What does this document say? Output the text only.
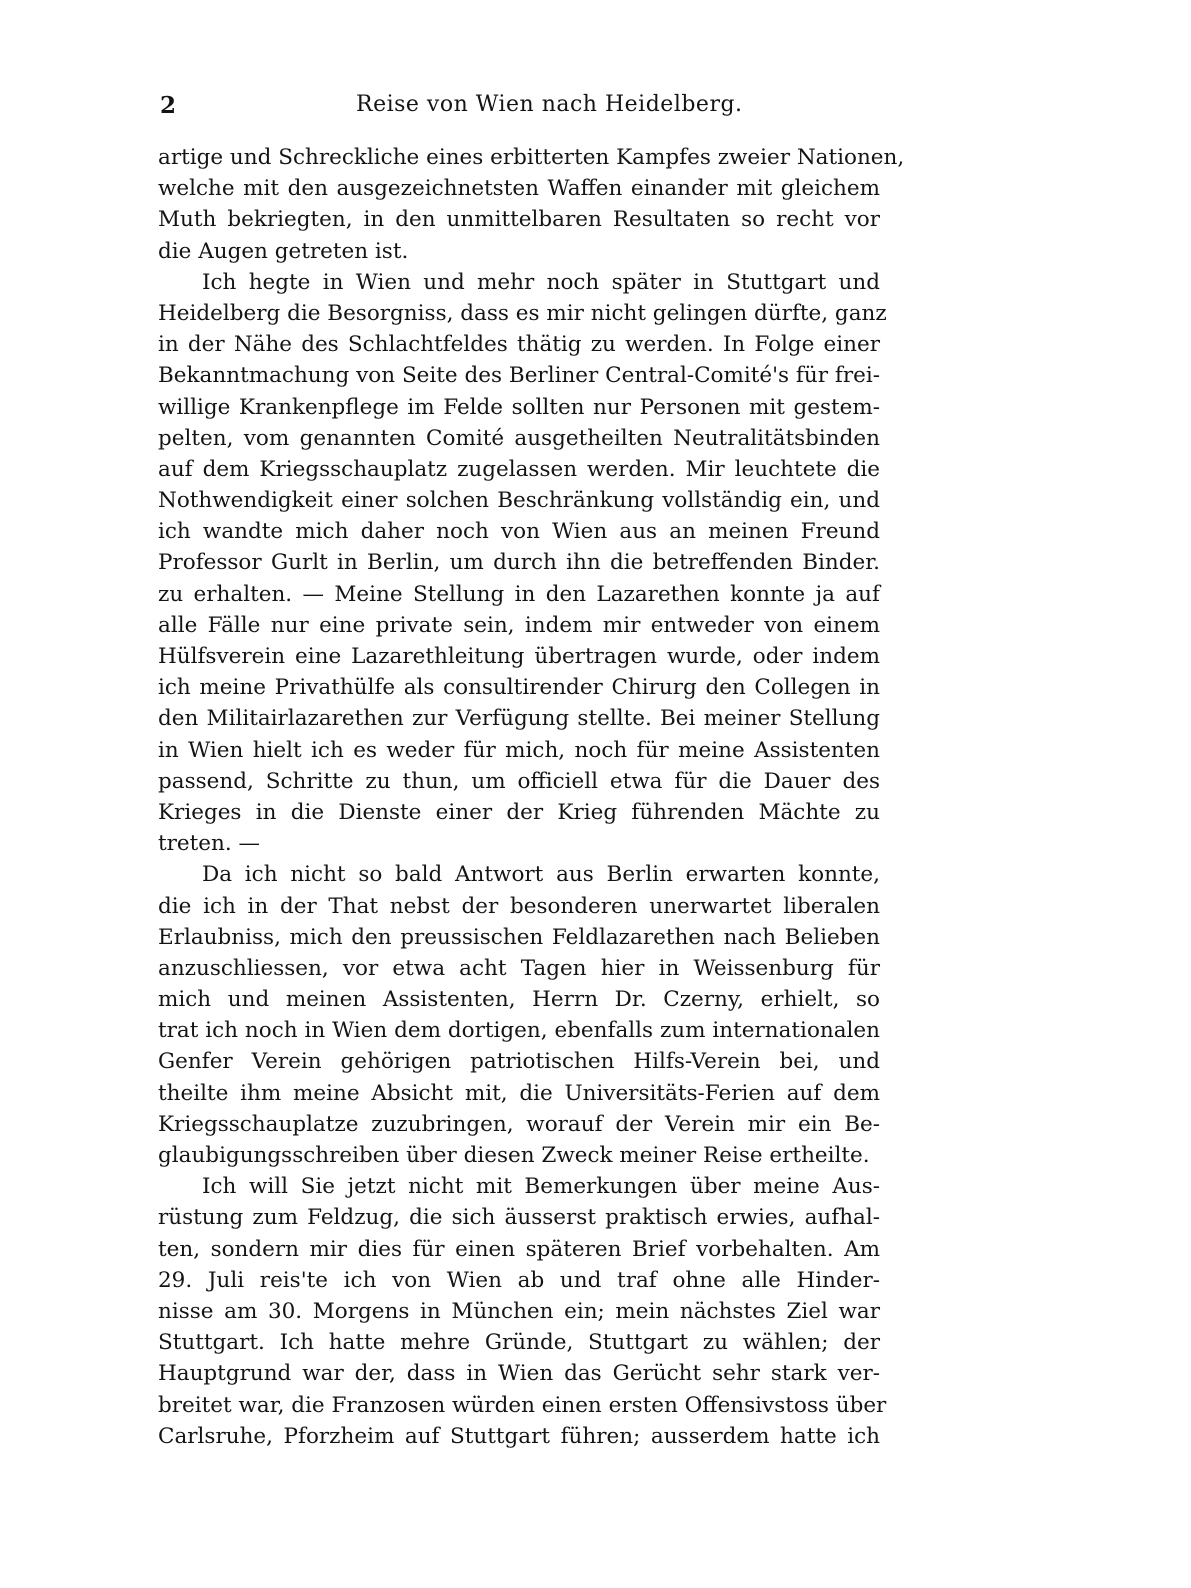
2	Reise von Wien nach Heidelberg.
artige und Schreckliche eines erbitterten Kampfes zweier Nationen,
welche mit den ausgezeichnetsten Waffen einander mit gleichem
Muth bekriegten, in den unmittelbaren Resultaten so recht vor
die Augen getreten ist.
Ich hegte in Wien und mehr noch später in Stuttgart und
Heidelberg die Besorgniss, dass es mir nicht gelingen dürfte, ganz
in der Nähe des Schlachtfeldes thätig zu werden. In Folge einer
Bekanntmachung von Seite des Berliner Central-Comité's für frei-
willige Krankenpflege im Felde sollten nur Personen mit gestem-
pelten, vom genannten Comité ausgetheilten Neutralitätsbinden
auf dem Kriegsschauplatz zugelassen werden. Mir leuchtete die
Nothwendigkeit einer solchen Beschränkung vollständig ein, und
ich wandte mich daher noch von Wien aus an meinen Freund
Professor Gurlt in Berlin, um durch ihn die betreffenden Binder.
zu erhalten. — Meine Stellung in den Lazarethen konnte ja auf
alle Fälle nur eine private sein, indem mir entweder von einem
Hülfsverein eine Lazarethleitung übertragen wurde, oder indem
ich meine Privathülfe als consultirender Chirurg den Collegen in
den Militairlazarethen zur Verfügung stellte. Bei meiner Stellung
in Wien hielt ich es weder für mich, noch für meine Assistenten
passend, Schritte zu thun, um officiell etwa für die Dauer des
Krieges in die Dienste einer der Krieg führenden Mächte zu
treten. —
Da ich nicht so bald Antwort aus Berlin erwarten konnte,
die ich in der That nebst der besonderen unerwartet liberalen
Erlaubniss, mich den preussischen Feldlazarethen nach Belieben
anzuschliessen, vor etwa acht Tagen hier in Weissenburg für
mich und meinen Assistenten, Herrn Dr. Czerny, erhielt, so
trat ich noch in Wien dem dortigen, ebenfalls zum internationalen
Genfer Verein gehörigen patriotischen Hilfs-Verein bei, und
theilte ihm meine Absicht mit, die Universitäts-Ferien auf dem
Kriegsschauplatze zuzubringen, worauf der Verein mir ein Be-
glaubigungsschreiben über diesen Zweck meiner Reise ertheilte.
Ich will Sie jetzt nicht mit Bemerkungen über meine Aus-
rüstung zum Feldzug, die sich äusserst praktisch erwies, aufhal-
ten, sondern mir dies für einen späteren Brief vorbehalten. Am
29. Juli reis'te ich von Wien ab und traf ohne alle Hinder-
nisse am 30. Morgens in München ein; mein nächstes Ziel war
Stuttgart. Ich hatte mehre Gründe, Stuttgart zu wählen; der
Hauptgrund war der, dass in Wien das Gerücht sehr stark ver-
breitet war, die Franzosen würden einen ersten Offensivstoss über
Carlsruhe, Pforzheim auf Stuttgart führen; ausserdem hatte ich
